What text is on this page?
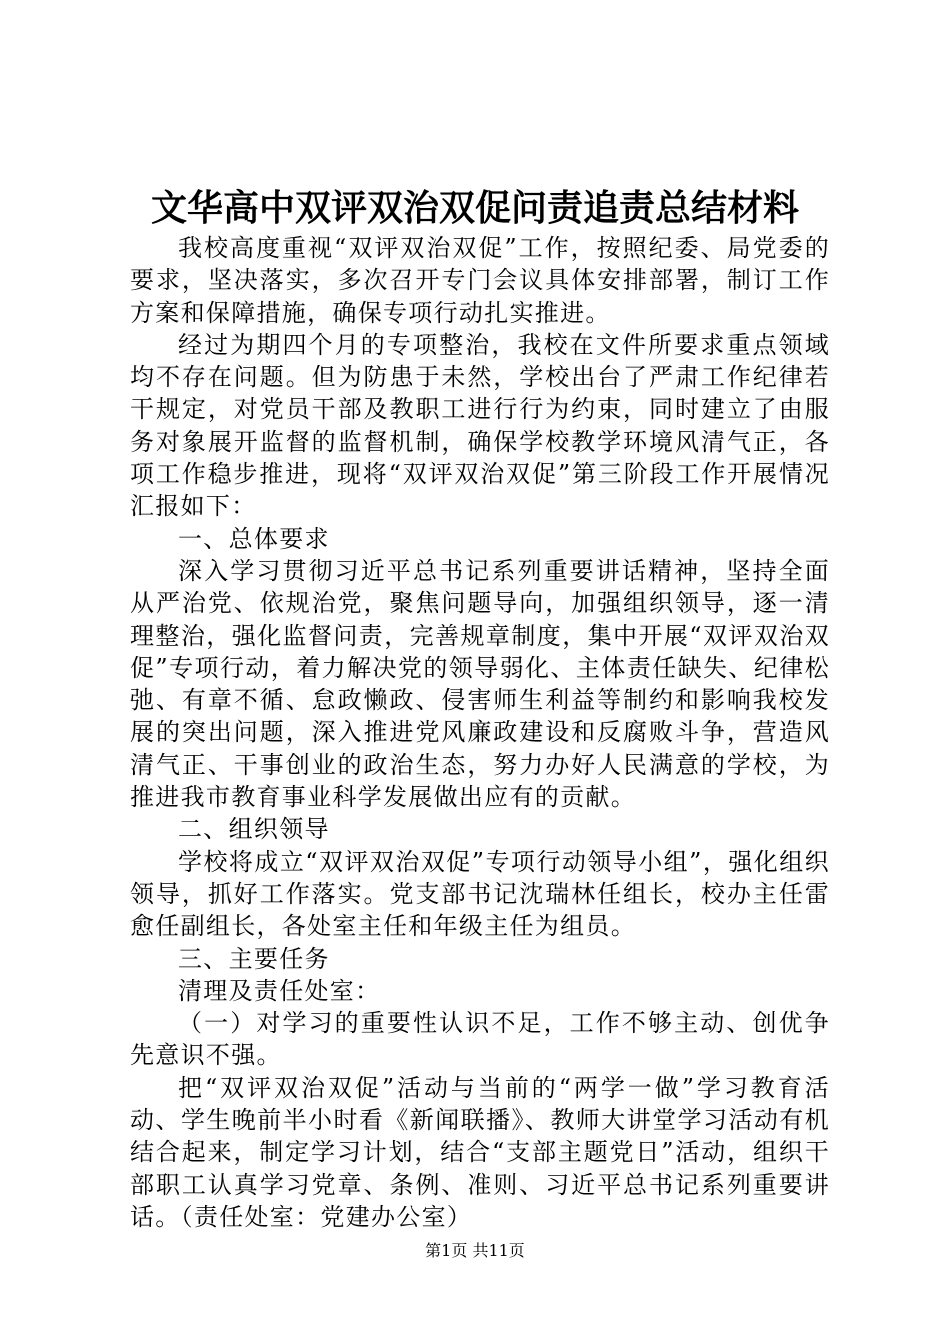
文华高中双评双治双促问责追责总结材料

我校高度重视“双评双治双促”工作，按照纪委、局党委的要求，坚决落实，多次召开专门会议具体安排部署，制订工作方案和保障措施，确保专项行动扎实推进。

经过为期四个月的专项整治，我校在文件所要求重点领域均不存在问题。但为防患于未然，学校出台了严肃工作纪律若干规定，对党员干部及教职工进行行为约束，同时建立了由服务对象展开监督的监督机制，确保学校教学环境风清气正，各项工作稳步推进，现将“双评双治双促”第三阶段工作开展情况汇报如下：

一、总体要求

深入学习贯彻习近平总书记系列重要讲话精神，坚持全面从严治党、依规治党，聚焦问题导向，加强组织领导，逐一清理整治，强化监督问责，完善规章制度，集中开展“双评双治双促”专项行动，着力解决党的领导弱化、主体责任缺失、纪律松弛、有章不循、怠政懒政、侵害师生利益等制约和影响我校发展的突出问题，深入推进党风廉政建设和反腐败斗争，营造风清气正、干事创业的政治生态，努力办好人民满意的学校，为推进我市教育事业科学发展做出应有的贡献。

二、组织领导

学校将成立“双评双治双促”专项行动领导小组”，强化组织领导，抓好工作落实。党支部书记沈瑞林任组长，校办主任雷愈任副组长，各处室主任和年级主任为组员。

三、主要任务

清理及责任处室：

（一）对学习的重要性认识不足，工作不够主动、创优争先意识不强。

把“双评双治双促”活动与当前的“两学一做”学习教育活动、学生晚前半小时看《新闻联播》、教师大讲堂学习活动有机结合起来，制定学习计划，结合“支部主题党日”活动，组织干部职工认真学习党章、条例、准则、习近平总书记系列重要讲话。（责任处室：党建办公室）

第1页 共11页
